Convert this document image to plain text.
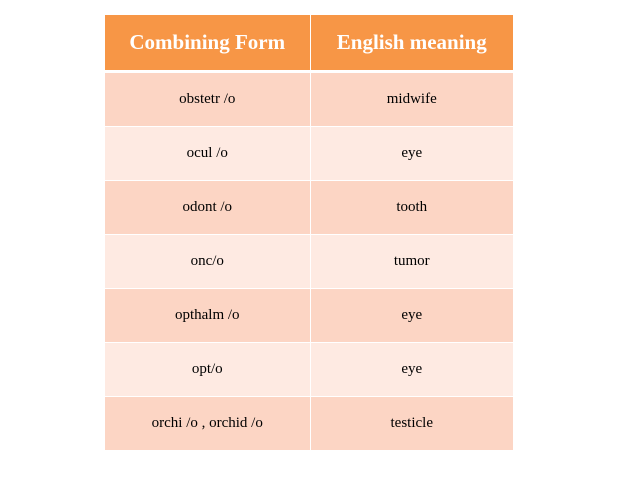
Combining Form	English meaning
obstetr /o	midwife
ocul /o	eye
odont /o	tooth
onc/o	tumor
opthalm /o	eye
opt/o	eye
orchi /o , orchid /o	testicle
